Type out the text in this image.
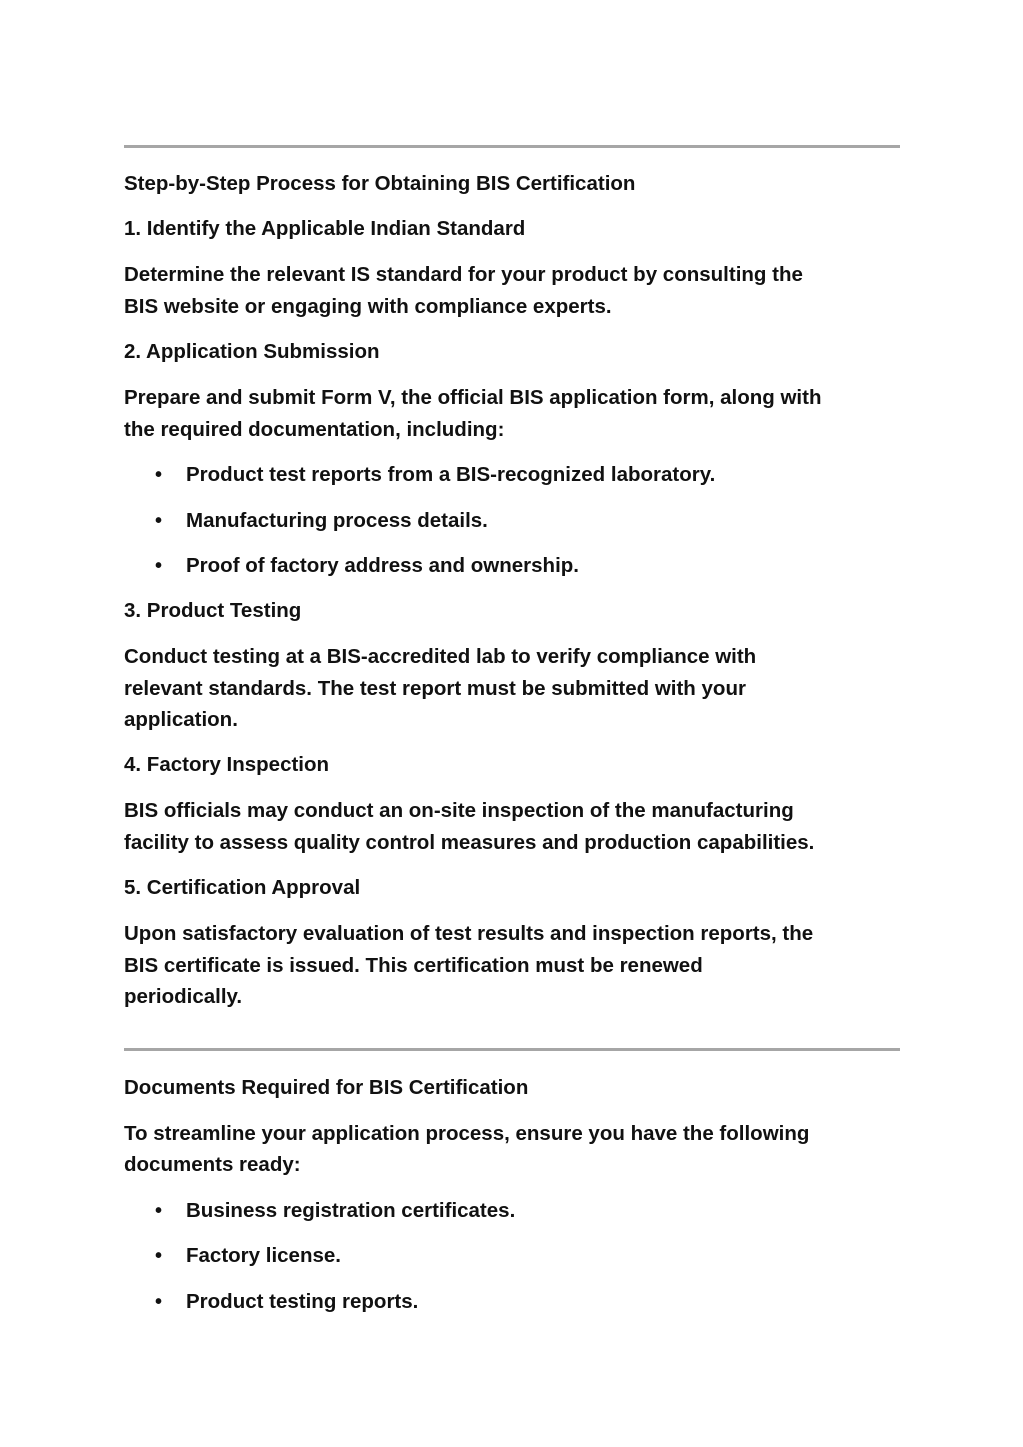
Step-by-Step Process for Obtaining BIS Certification
1. Identify the Applicable Indian Standard
Determine the relevant IS standard for your product by consulting the
BIS website or engaging with compliance experts.
2. Application Submission
Prepare and submit Form V, the official BIS application form, along with
the required documentation, including:
• Product test reports from a BIS-recognized laboratory.
• Manufacturing process details.
• Proof of factory address and ownership.
3. Product Testing
Conduct testing at a BIS-accredited lab to verify compliance with
relevant standards. The test report must be submitted with your
application.
4. Factory Inspection
BIS officials may conduct an on-site inspection of the manufacturing
facility to assess quality control measures and production capabilities.
5. Certification Approval
Upon satisfactory evaluation of test results and inspection reports, the
BIS certificate is issued. This certification must be renewed
periodically.
Documents Required for BIS Certification
To streamline your application process, ensure you have the following
documents ready:
• Business registration certificates.
• Factory license.
• Product testing reports.
